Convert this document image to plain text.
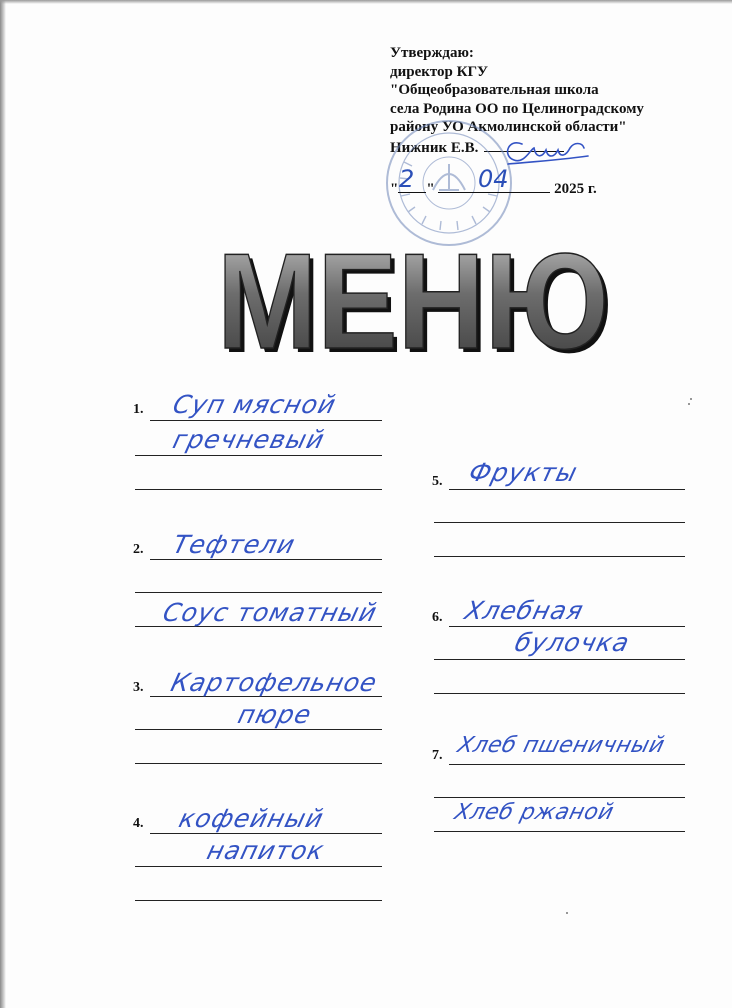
Утверждаю:
директор КГУ
"Общеобразовательная школа
села Родина ОО по Целиноградскому
району УО Акмолинской области"
Нижник Е.В.
" "	2025 г.
2	04
МЕНЮ
МЕНЮ
1. Суп мясной
гречневый
2. Тефтели
Соус томатный
3. Картофельное
пюре
4. кофейный
напиток
5. Фрукты
6. Хлебная
булочка
7. Хлеб пшеничный
Хлеб ржаной
